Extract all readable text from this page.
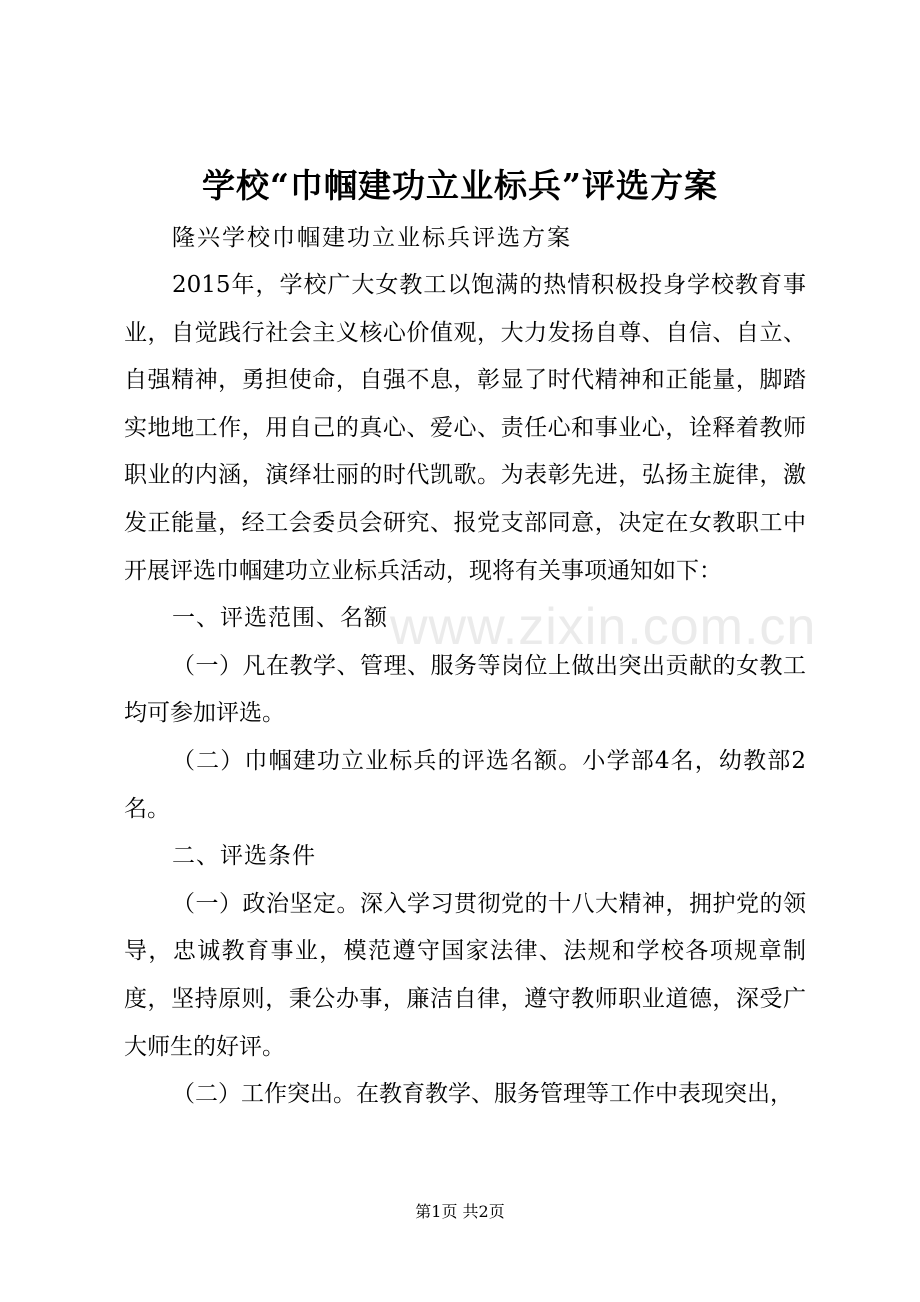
www.zixin.com.cn
学校“巾帼建功立业标兵”评选方案
隆兴学校巾帼建功立业标兵评选方案

2015年，学校广大女教工以饱满的热情积极投身学校教育事业，自觉践行社会主义核心价值观，大力发扬自尊、自信、自立、自强精神，勇担使命，自强不息，彰显了时代精神和正能量，脚踏实地地工作，用自己的真心、爱心、责任心和事业心，诠释着教师职业的内涵，演绎壮丽的时代凯歌。为表彰先进，弘扬主旋律，激发正能量，经工会委员会研究、报党支部同意，决定在女教职工中开展评选巾帼建功立业标兵活动，现将有关事项通知如下：

一、评选范围、名额

（一）凡在教学、管理、服务等岗位上做出突出贡献的女教工均可参加评选。

（二）巾帼建功立业标兵的评选名额。小学部4名，幼教部2名。

二、评选条件

（一）政治坚定。深入学习贯彻党的十八大精神，拥护党的领导，忠诚教育事业，模范遵守国家法律、法规和学校各项规章制度，坚持原则，秉公办事，廉洁自律，遵守教师职业道德，深受广大师生的好评。

（二）工作突出。在教育教学、服务管理等工作中表现突出，

第1页 共2页
